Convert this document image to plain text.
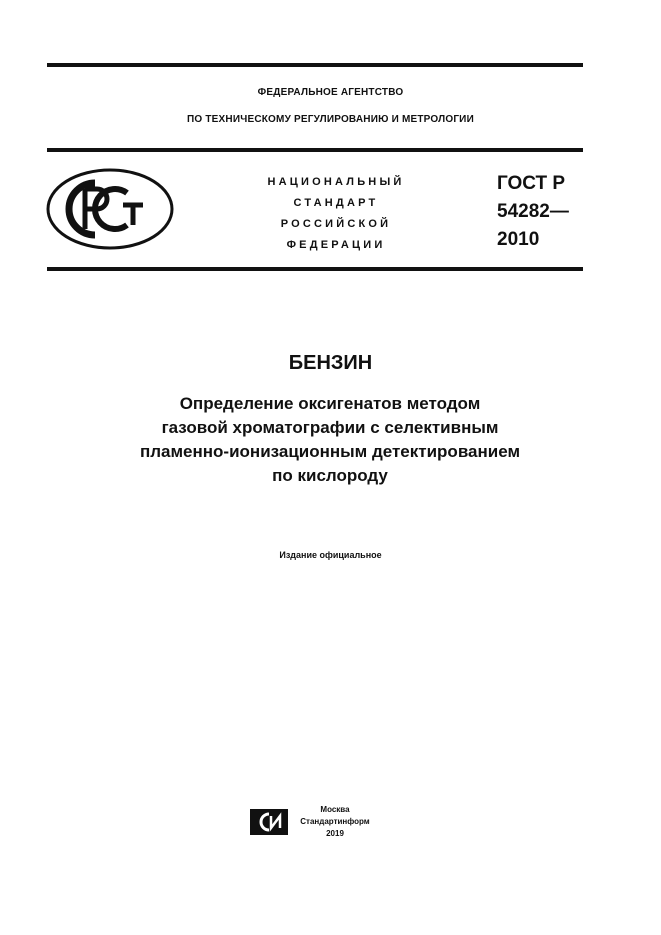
ФЕДЕРАЛЬНОЕ АГЕНТСТВО
ПО ТЕХНИЧЕСКОМУ РЕГУЛИРОВАНИЮ И МЕТРОЛОГИИ
НАЦИОНАЛЬНЫЙ
СТАНДАРТ
РОССИЙСКОЙ
ФЕДЕРАЦИИ
ГОСТ Р
54282—
2010
БЕНЗИН
Определение оксигенатов методом
газовой хроматографии с селективным
пламенно-ионизационным детектированием
по кислороду
Издание официальное
Москва
Стандартинформ
2019
